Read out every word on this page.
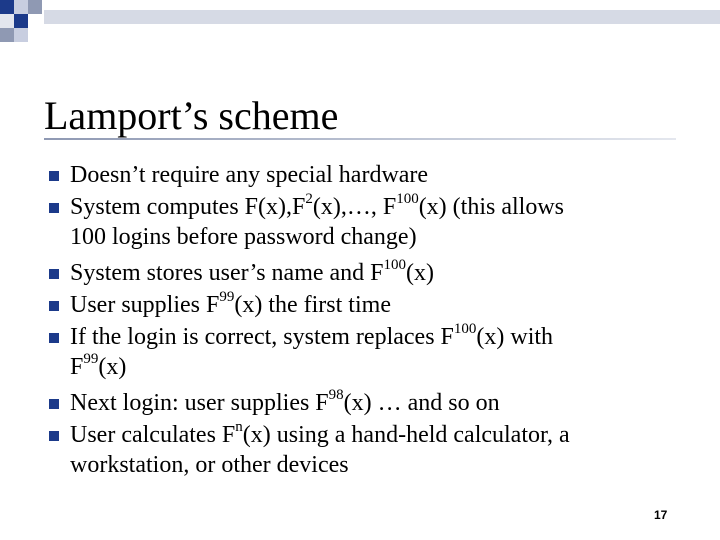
Lamport’s scheme
Doesn’t require any special hardware
System computes $F(x),F^2(x),\dots$, $F^{100}(x)$ (this allows
100 logins before password change)
System stores user’s name and $F^{100}(x)$
User supplies $F^{99}(x)$ the first time
If the login is correct, system replaces $F^{100}(x)$ with
$F^{99}(x)$
Next login: user supplies $F^{98}(x)$ … and so on
User calculates $F^n(x)$ using a hand-held calculator, a
workstation, or other devices
17
